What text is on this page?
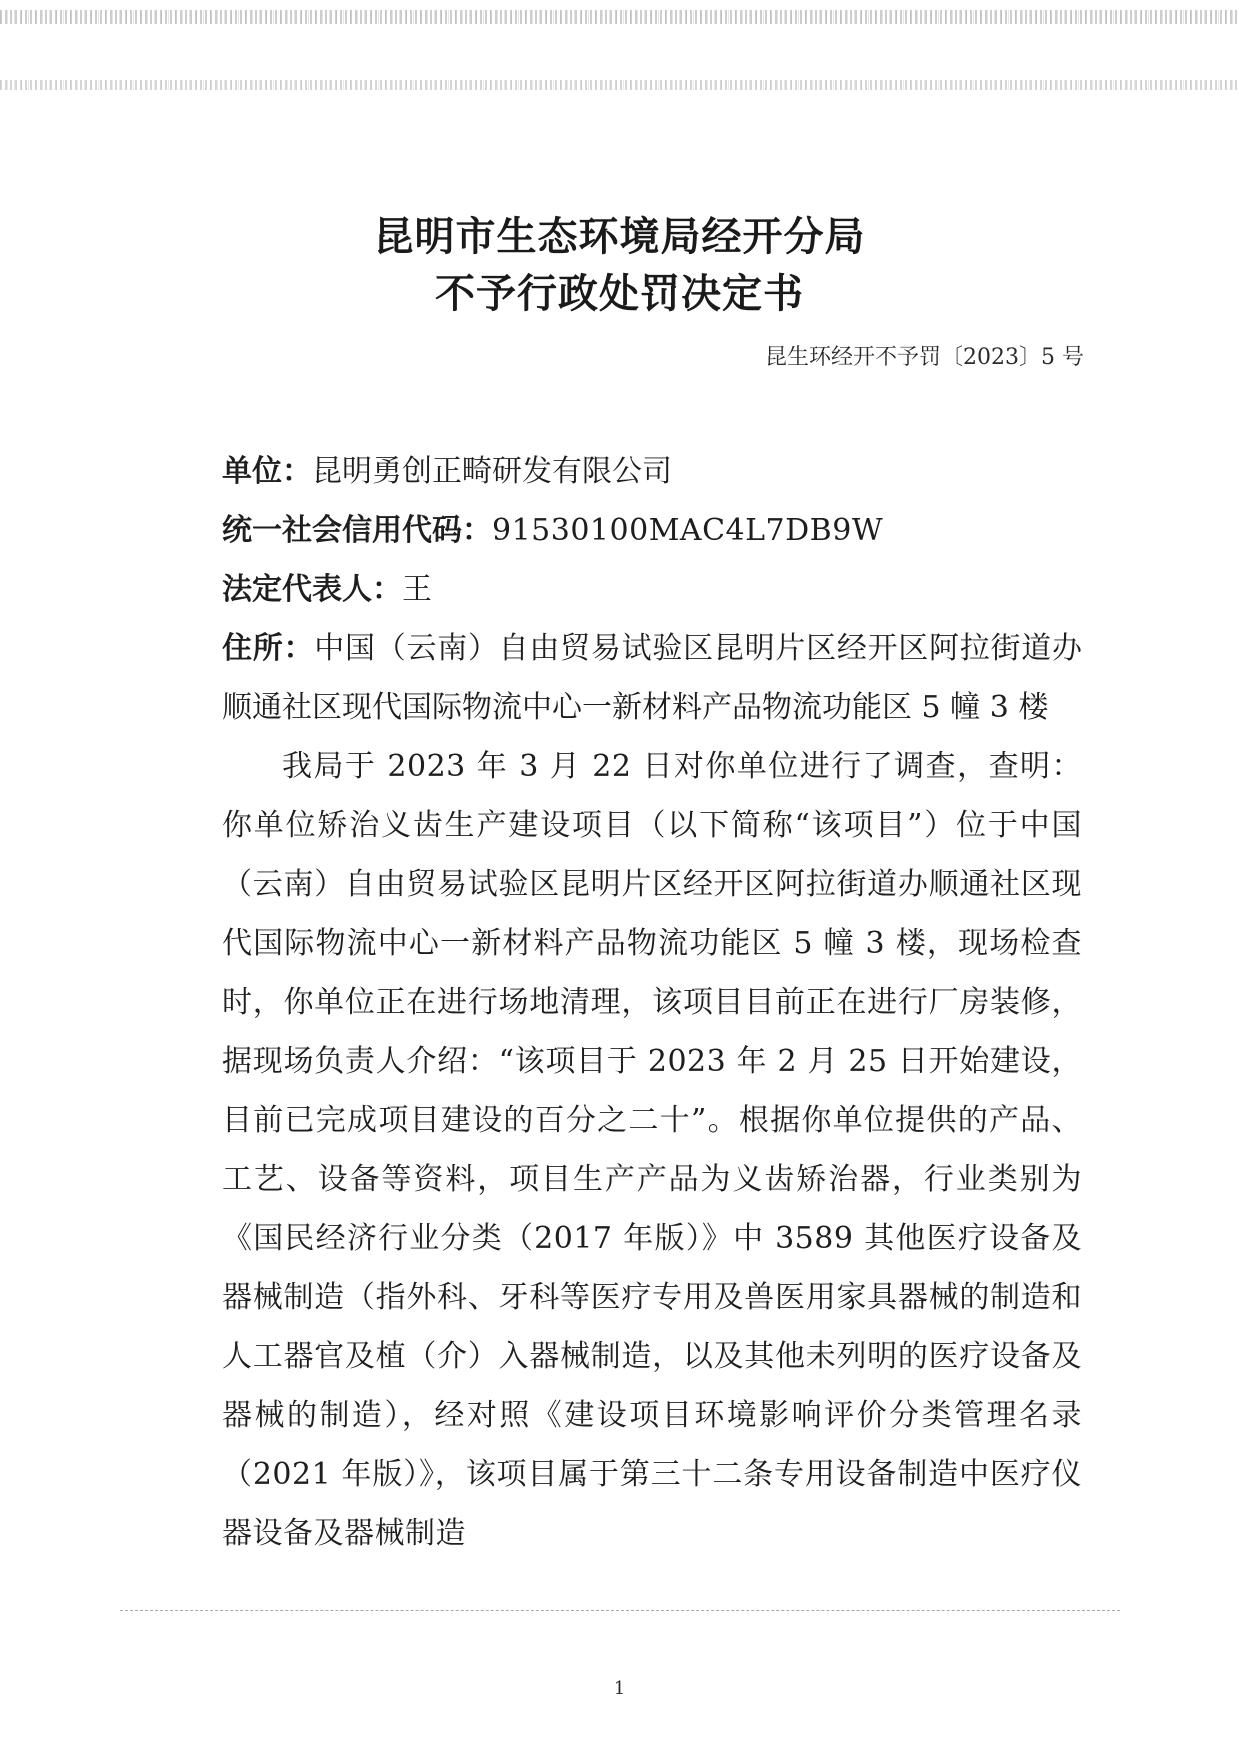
昆明市生态环境局经开分局
不予行政处罚决定书
昆生环经开不予罚〔2023〕5 号

单位：昆明勇创正畸研发有限公司

统一社会信用代码：91530100MAC4L7DB9W

法定代表人：王

住所：中国（云南）自由贸易试验区昆明片区经开区阿拉街道办顺通社区现代国际物流中心一新材料产品物流功能区 5 幢 3 楼

我局于 2023 年 3 月 22 日对你单位进行了调查，查明：你单位矫治义齿生产建设项目（以下简称“该项目”）位于中国（云南）自由贸易试验区昆明片区经开区阿拉街道办顺通社区现代国际物流中心一新材料产品物流功能区 5 幢 3 楼，现场检查时，你单位正在进行场地清理，该项目目前正在进行厂房装修，据现场负责人介绍：“该项目于 2023 年 2 月 25 日开始建设，目前已完成项目建设的百分之二十”。根据你单位提供的产品、工艺、设备等资料，项目生产产品为义齿矫治器，行业类别为《国民经济行业分类（2017 年版）》中 3589 其他医疗设备及器械制造（指外科、牙科等医疗专用及兽医用家具器械的制造和人工器官及植（介）入器械制造，以及其他未列明的医疗设备及器械的制造），经对照《建设项目环境影响评价分类管理名录（2021 年版）》，该项目属于第三十二条专用设备制造中医疗仪器设备及器械制造

1
